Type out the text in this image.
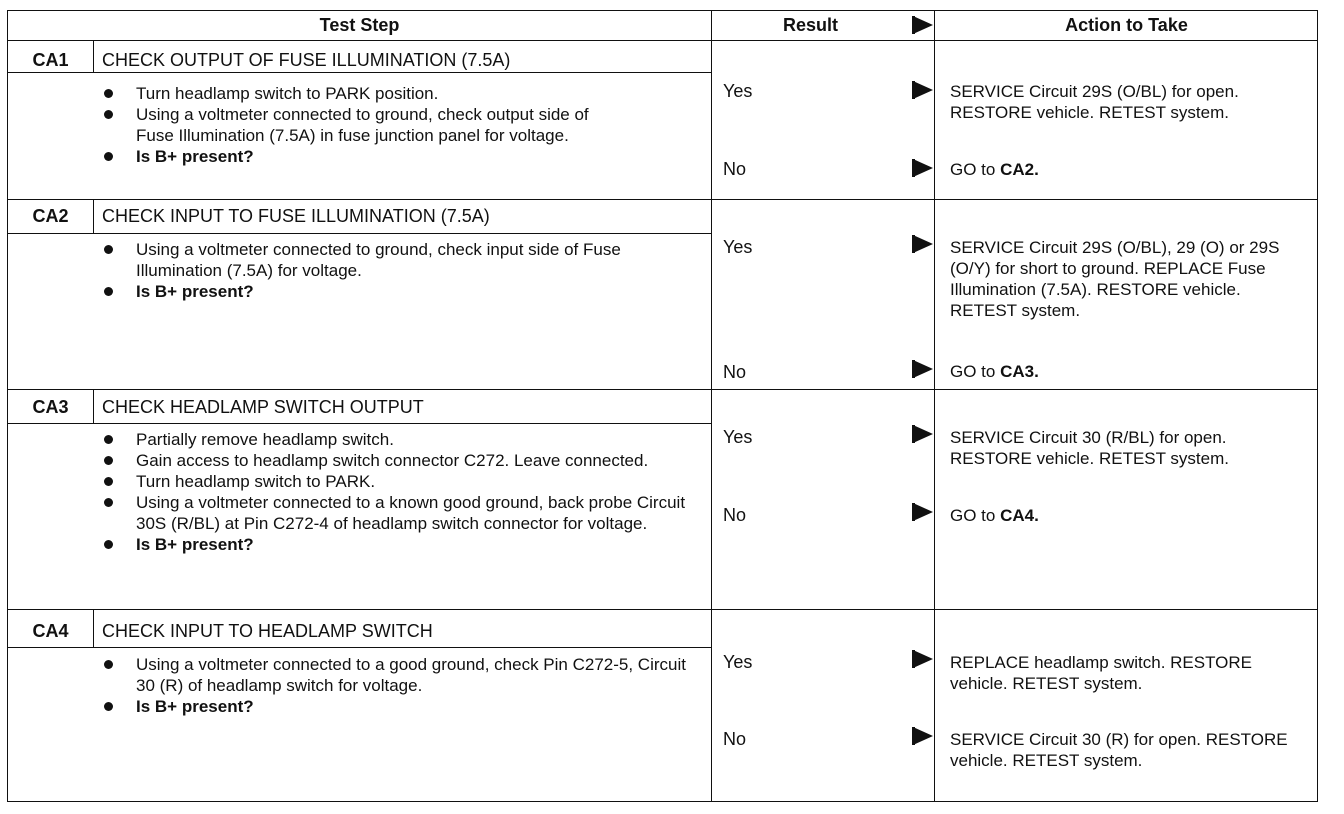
Test Step	Result	Action to Take
CA1	CHECK OUTPUT OF FUSE ILLUMINATION (7.5A)
Turn headlamp switch to PARK position.
Using a voltmeter connected to ground, check output side of Fuse Illumination (7.5A) in fuse junction panel for voltage.
Is B+ present?
Yes	SERVICE Circuit 29S (O/BL) for open. RESTORE vehicle. RETEST system.
No	GO to CA2.
CA2	CHECK INPUT TO FUSE ILLUMINATION (7.5A)
Using a voltmeter connected to ground, check input side of Fuse Illumination (7.5A) for voltage.
Is B+ present?
Yes	SERVICE Circuit 29S (O/BL), 29 (O) or 29S (O/Y) for short to ground. REPLACE Fuse Illumination (7.5A). RESTORE vehicle. RETEST system.
No	GO to CA3.
CA3	CHECK HEADLAMP SWITCH OUTPUT
Partially remove headlamp switch.
Gain access to headlamp switch connector C272. Leave connected.
Turn headlamp switch to PARK.
Using a voltmeter connected to a known good ground, back probe Circuit 30S (R/BL) at Pin C272-4 of headlamp switch connector for voltage.
Is B+ present?
Yes	SERVICE Circuit 30 (R/BL) for open. RESTORE vehicle. RETEST system.
No	GO to CA4.
CA4	CHECK INPUT TO HEADLAMP SWITCH
Using a voltmeter connected to a good ground, check Pin C272-5, Circuit 30 (R) of headlamp switch for voltage.
Is B+ present?
Yes	REPLACE headlamp switch. RESTORE vehicle. RETEST system.
No	SERVICE Circuit 30 (R) for open. RESTORE vehicle. RETEST system.
